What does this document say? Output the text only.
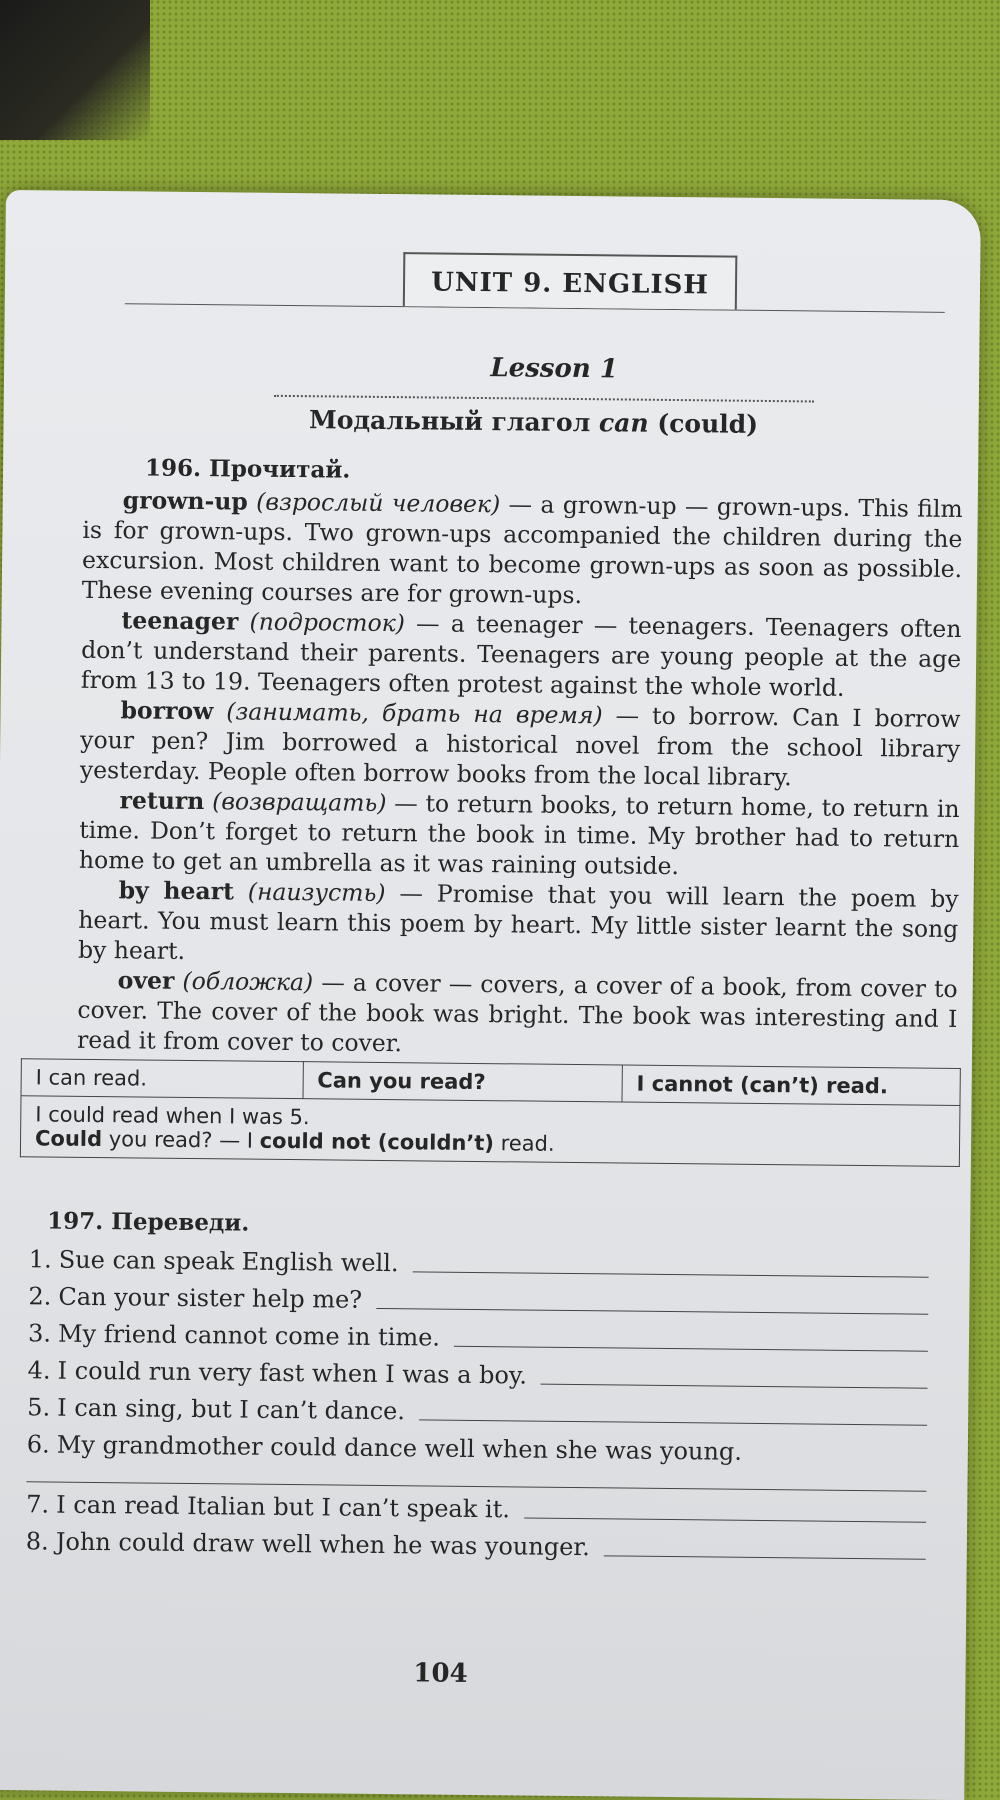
UNIT 9. ENGLISH
Lesson 1
Модальный глагол can (could)
196. Прочитай.

grown-up (взрослый человек) — a grown-up — grown-ups. This film is for grown-ups. Two grown-ups accompanied the children during the excursion. Most children want to become grown-ups as soon as possible. These evening courses are for grown-ups.

teenager (подросток) — a teenager — teenagers. Teenagers often don’t understand their parents. Teenagers are young people at the age from 13 to 19. Teenagers often protest against the whole world.

borrow (занимать, брать на время) — to borrow. Can I borrow your pen? Jim borrowed a historical novel from the school library yesterday. People often borrow books from the local library.

return (возвращать) — to return books, to return home, to return in time. Don’t forget to return the book in time. My brother had to return home to get an umbrella as it was raining outside.

by heart (наизусть) — Promise that you will learn the poem by heart. You must learn this poem by heart. My little sister learnt the song by heart.

over (обложка) — a cover — covers, a cover of a book, from cover to cover. The cover of the book was bright. The book was interesting and I read it from cover to cover.

I can read.	Can you read?	I cannot (can’t) read.

I could read when I was 5.
Could you read? — I could not (couldn’t) read.
197. Переведи.
1. Sue can speak English well.
2. Can your sister help me?
3. My friend cannot come in time.
4. I could run very fast when I was a boy.
5. I can sing, but I can’t dance.
6. My grandmother could dance well when she was young.
7. I can read Italian but I can’t speak it.
8. John could draw well when he was younger.
104
